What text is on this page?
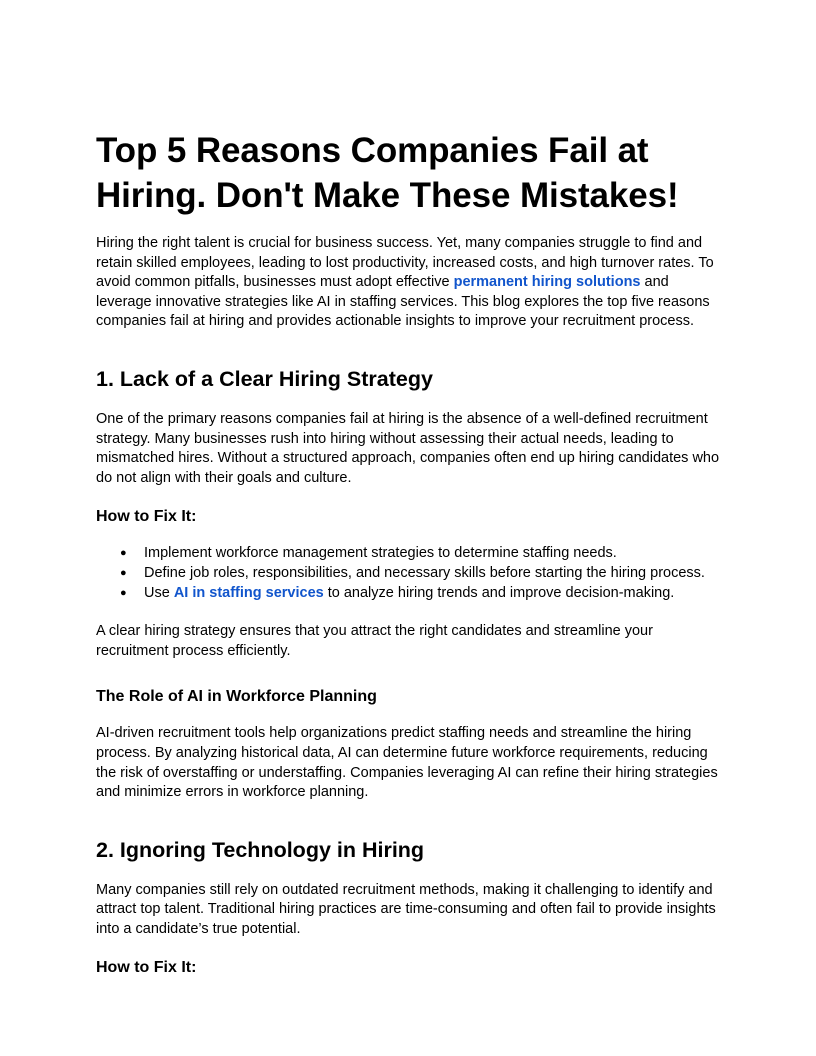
Top 5 Reasons Companies Fail at Hiring. Don't Make These Mistakes!

Hiring the right talent is crucial for business success. Yet, many companies struggle to find and retain skilled employees, leading to lost productivity, increased costs, and high turnover rates. To avoid common pitfalls, businesses must adopt effective permanent hiring solutions and leverage innovative strategies like AI in staffing services. This blog explores the top five reasons companies fail at hiring and provides actionable insights to improve your recruitment process.

1. Lack of a Clear Hiring Strategy

One of the primary reasons companies fail at hiring is the absence of a well-defined recruitment strategy. Many businesses rush into hiring without assessing their actual needs, leading to mismatched hires. Without a structured approach, companies often end up hiring candidates who do not align with their goals and culture.

How to Fix It:
● Implement workforce management strategies to determine staffing needs.
● Define job roles, responsibilities, and necessary skills before starting the hiring process.
● Use AI in staffing services to analyze hiring trends and improve decision-making.

A clear hiring strategy ensures that you attract the right candidates and streamline your recruitment process efficiently.

The Role of AI in Workforce Planning

AI-driven recruitment tools help organizations predict staffing needs and streamline the hiring process. By analyzing historical data, AI can determine future workforce requirements, reducing the risk of overstaffing or understaffing. Companies leveraging AI can refine their hiring strategies and minimize errors in workforce planning.

2. Ignoring Technology in Hiring

Many companies still rely on outdated recruitment methods, making it challenging to identify and attract top talent. Traditional hiring practices are time-consuming and often fail to provide insights into a candidate’s true potential.

How to Fix It:
